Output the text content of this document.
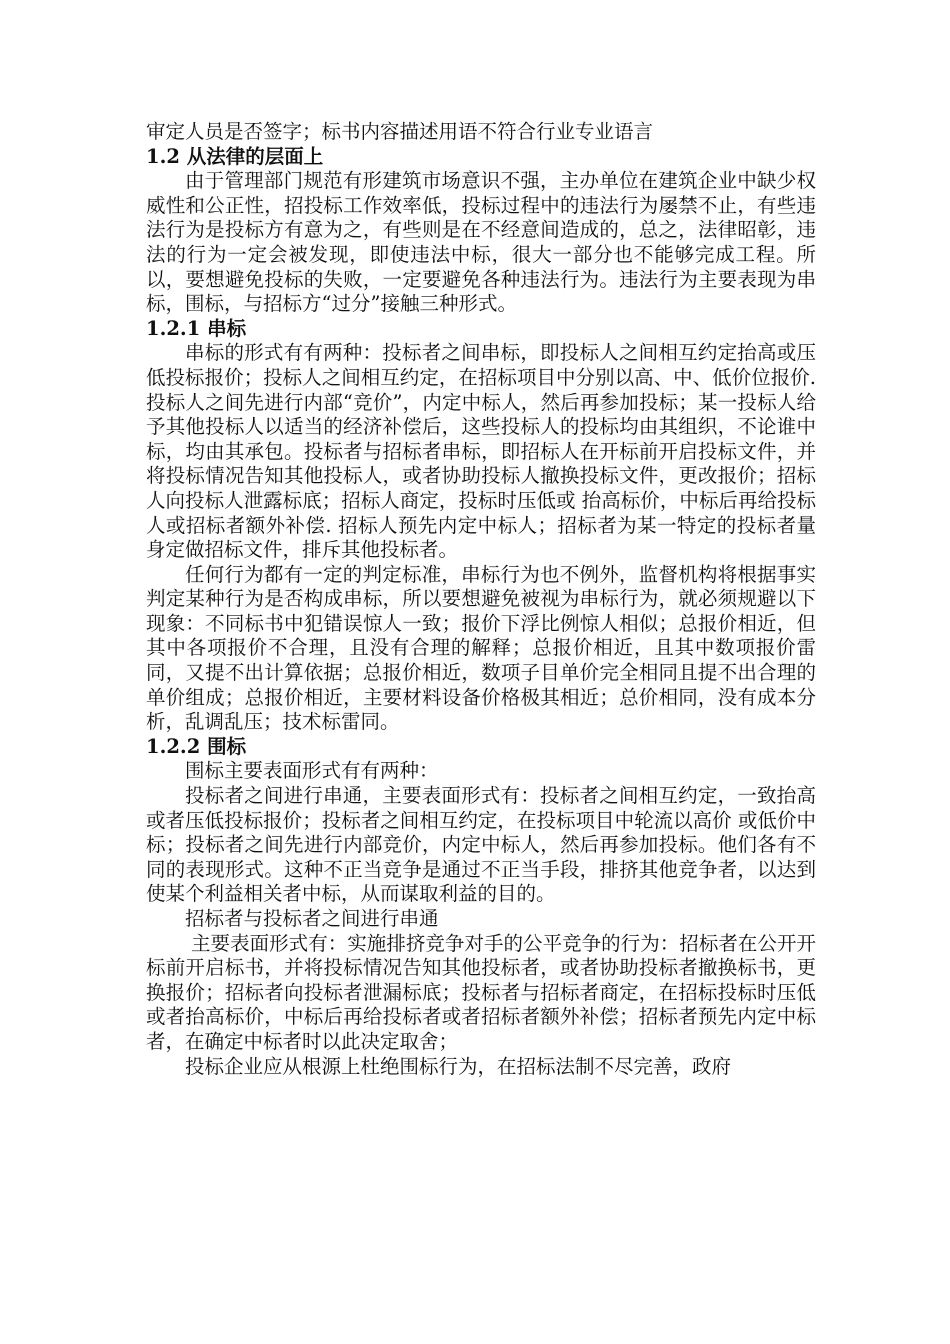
审定人员是否签字；标书内容描述用语不符合行业专业语言

1.2 从法律的层面上

由于管理部门规范有形建筑市场意识不强，主办单位在建筑企业中缺少权威性和公正性，招投标工作效率低，投标过程中的违法行为屡禁不止，有些违法行为是投标方有意为之，有些则是在不经意间造成的，总之，法律昭彰，违法的行为一定会被发现，即使违法中标，很大一部分也不能够完成工程。所以，要想避免投标的失败，一定要避免各种违法行为。违法行为主要表现为串标，围标，与招标方“过分”接触三种形式。

1.2.1 串标

串标的形式有有两种：投标者之间串标，即投标人之间相互约定抬高或压低投标报价；投标人之间相互约定，在招标项目中分别以高、中、低价位报价. 投标人之间先进行内部“竞价”，内定中标人，然后再参加投标；某一投标人给予其他投标人以适当的经济补偿后，这些投标人的投标均由其组织，不论谁中标，均由其承包。投标者与招标者串标，即招标人在开标前开启投标文件，并将投标情况告知其他投标人，或者协助投标人撤换投标文件，更改报价；招标人向投标人泄露标底；招标人商定，投标时压低或 抬高标价，中标后再给投标人或招标者额外补偿. 招标人预先内定中标人；招标者为某一特定的投标者量身定做招标文件，排斥其他投标者。

任何行为都有一定的判定标准，串标行为也不例外，监督机构将根据事实判定某种行为是否构成串标，所以要想避免被视为串标行为，就必须规避以下现象：不同标书中犯错误惊人一致；报价下浮比例惊人相似；总报价相近，但其中各项报价不合理，且没有合理的解释；总报价相近，且其中数项报价雷同，又提不出计算依据；总报价相近，数项子目单价完全相同且提不出合理的单价组成；总报价相近，主要材料设备价格极其相近；总价相同，没有成本分析，乱调乱压；技术标雷同。

1.2.2 围标

围标主要表面形式有有两种：

投标者之间进行串通，主要表面形式有：投标者之间相互约定，一致抬高或者压低投标报价；投标者之间相互约定，在投标项目中轮流以高价 或低价中标；投标者之间先进行内部竞价，内定中标人，然后再参加投标。他们各有不同的表现形式。这种不正当竞争是通过不正当手段，排挤其他竞争者，以达到 使某个利益相关者中标，从而谋取利益的目的。

招标者与投标者之间进行串通

主要表面形式有：实施排挤竞争对手的公平竞争的行为：招标者在公开开标前开启标书，并将投标情况告知其他投标者，或者协助投标者撤换标书，更换报价；招标者向投标者泄漏标底；投标者与招标者商定，在招标投标时压低或者抬高标价，中标后再给投标者或者招标者额外补偿；招标者预先内定中标者，在确定中标者时以此决定取舍；

投标企业应从根源上杜绝围标行为，在招标法制不尽完善，政府
